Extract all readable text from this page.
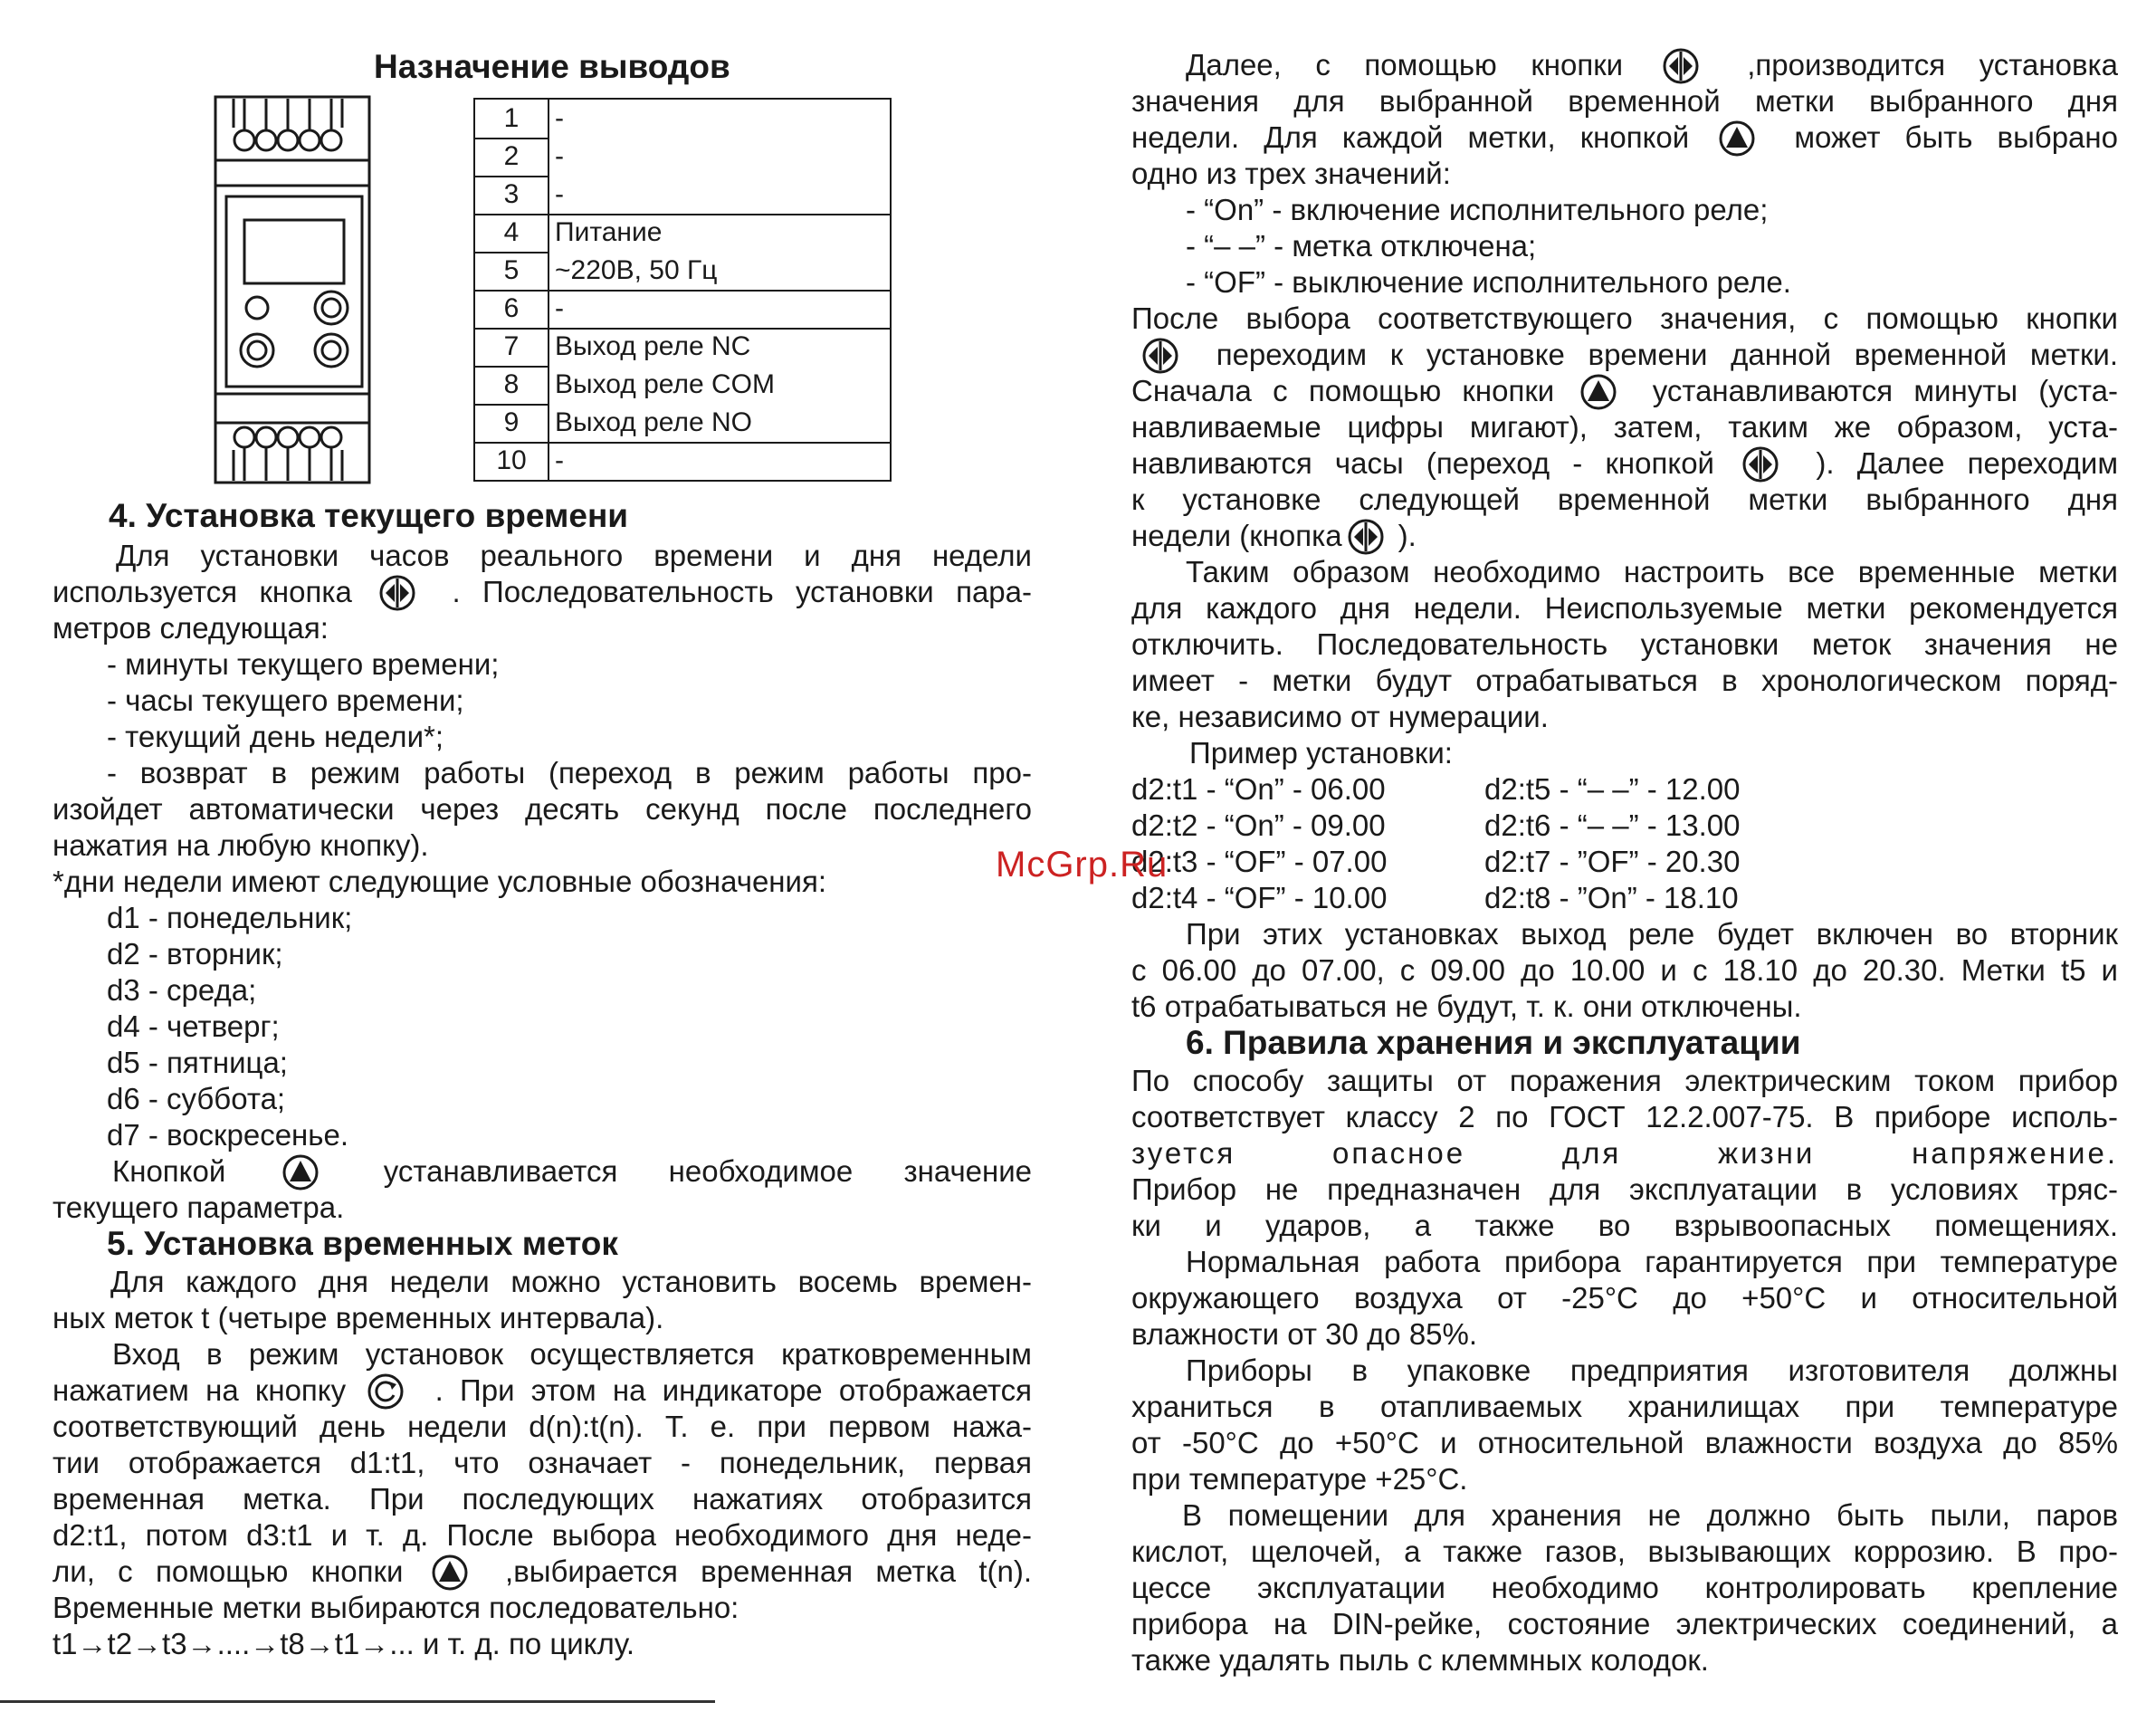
Назначение выводов
1	-
2	-
3	-
4	Питание
5	~220В, 50 Гц
6	-
7	Выход реле NC
8	Выход реле COM
9	Выход реле NO
10	-
4. Установка текущего времени
Для установки часов реального времени и дня недели
используется кнопка	. Последовательность установки пара-
метров следующая:
- минуты текущего времени;
- часы текущего времени;
- текущий день недели*;
- возврат в режим работы (переход в режим работы про-
изойдет автоматически через десять секунд после последнего
нажатия на любую кнопку).
*дни недели имеют следующие условные обозначения:
d1 - понедельник;
d2 - вторник;
d3 - среда;
d4 - четверг;
d5 - пятница;
d6 - суббота;
d7 - воскресенье.
Кнопкой	устанавливается необходимое значение
текущего параметра.
5. Установка временных меток
Для каждого дня недели можно установить восемь времен-
ных меток t (четыре временных интервала).
Вход в режим установок осуществляется кратковременным
нажатием на кнопку	. При этом на индикаторе отображается
соответствующий день недели d(n):t(n). Т. е. при первом нажа-
тии отображается d1:t1, что означает - понедельник, первая
временная метка. При последующих нажатиях отобразится
d2:t1, потом d3:t1 и т. д. После выбора необходимого дня неде-
ли, с помощью кнопки	,выбирается временная метка t(n).
Временные метки выбираются последовательно:
t1→t2→t3→....→t8→t1→... и т. д. по циклу.
Далее, с помощью кнопки	,производится установка
значения для выбранной временной метки выбранного дня
недели. Для каждой метки, кнопкой	может быть выбрано
одно из трех значений:
- “On” - включение исполнительного реле;
- “– –” - метка отключена;
- “OF” - выключение исполнительного реле.
После выбора соответствующего значения, с помощью кнопки
переходим к установке времени данной временной метки.
Сначала с помощью кнопки	устанавливаются минуты (уста-
навливаемые цифры мигают), затем, таким же образом, уста-
навливаются часы (переход - кнопкой	). Далее переходим
к установке следующей временной метки выбранного дня
недели (кнопка ).
Таким образом необходимо настроить все временные метки
для каждого дня недели. Неиспользуемые метки рекомендуется
отключить. Последовательность установки меток значения не
имеет - метки будут отрабатываться в хронологическом поряд-
ке, независимо от нумерации.
Пример установки:
d2:t1 - “On” - 06.00	d2:t5 - “– –” - 12.00
d2:t2 - “On” - 09.00	d2:t6 - “– –” - 13.00
d2:t3 - “OF” - 07.00	d2:t7 - ”OF” - 20.30
d2:t4 - “OF” - 10.00	d2:t8 - ”On” - 18.10
При этих установках выход реле будет включен во вторник
с 06.00 до 07.00, с 09.00 до 10.00 и с 18.10 до 20.30. Метки t5 и
t6 отрабатываться не будут, т. к. они отключены.
6. Правила хранения и эксплуатации
По способу защиты от поражения электрическим током прибор
соответствует классу 2 по ГОСТ 12.2.007-75. В приборе исполь-
зуется опасное для жизни напряжение.
Прибор не предназначен для эксплуатации в условиях тряс-
ки и ударов, а также во взрывоопасных помещениях.
Нормальная работа прибора гарантируется при температуре
окружающего воздуха от -25°С до +50°С и относительной
влажности от 30 до 85%.
Приборы в упаковке предприятия изготовителя должны
храниться в отапливаемых хранилищах при температуре
от -50°С до +50°С и относительной влажности воздуха до 85%
при температуре +25°С.
В помещении для хранения не должно быть пыли, паров
кислот, щелочей, а также газов, вызывающих коррозию. В про-
цессе эксплуатации необходимо контролировать крепление
прибора на DIN-рейке, состояние электрических соединений, а
также удалять пыль с клеммных колодок.
McGrp.Ru
